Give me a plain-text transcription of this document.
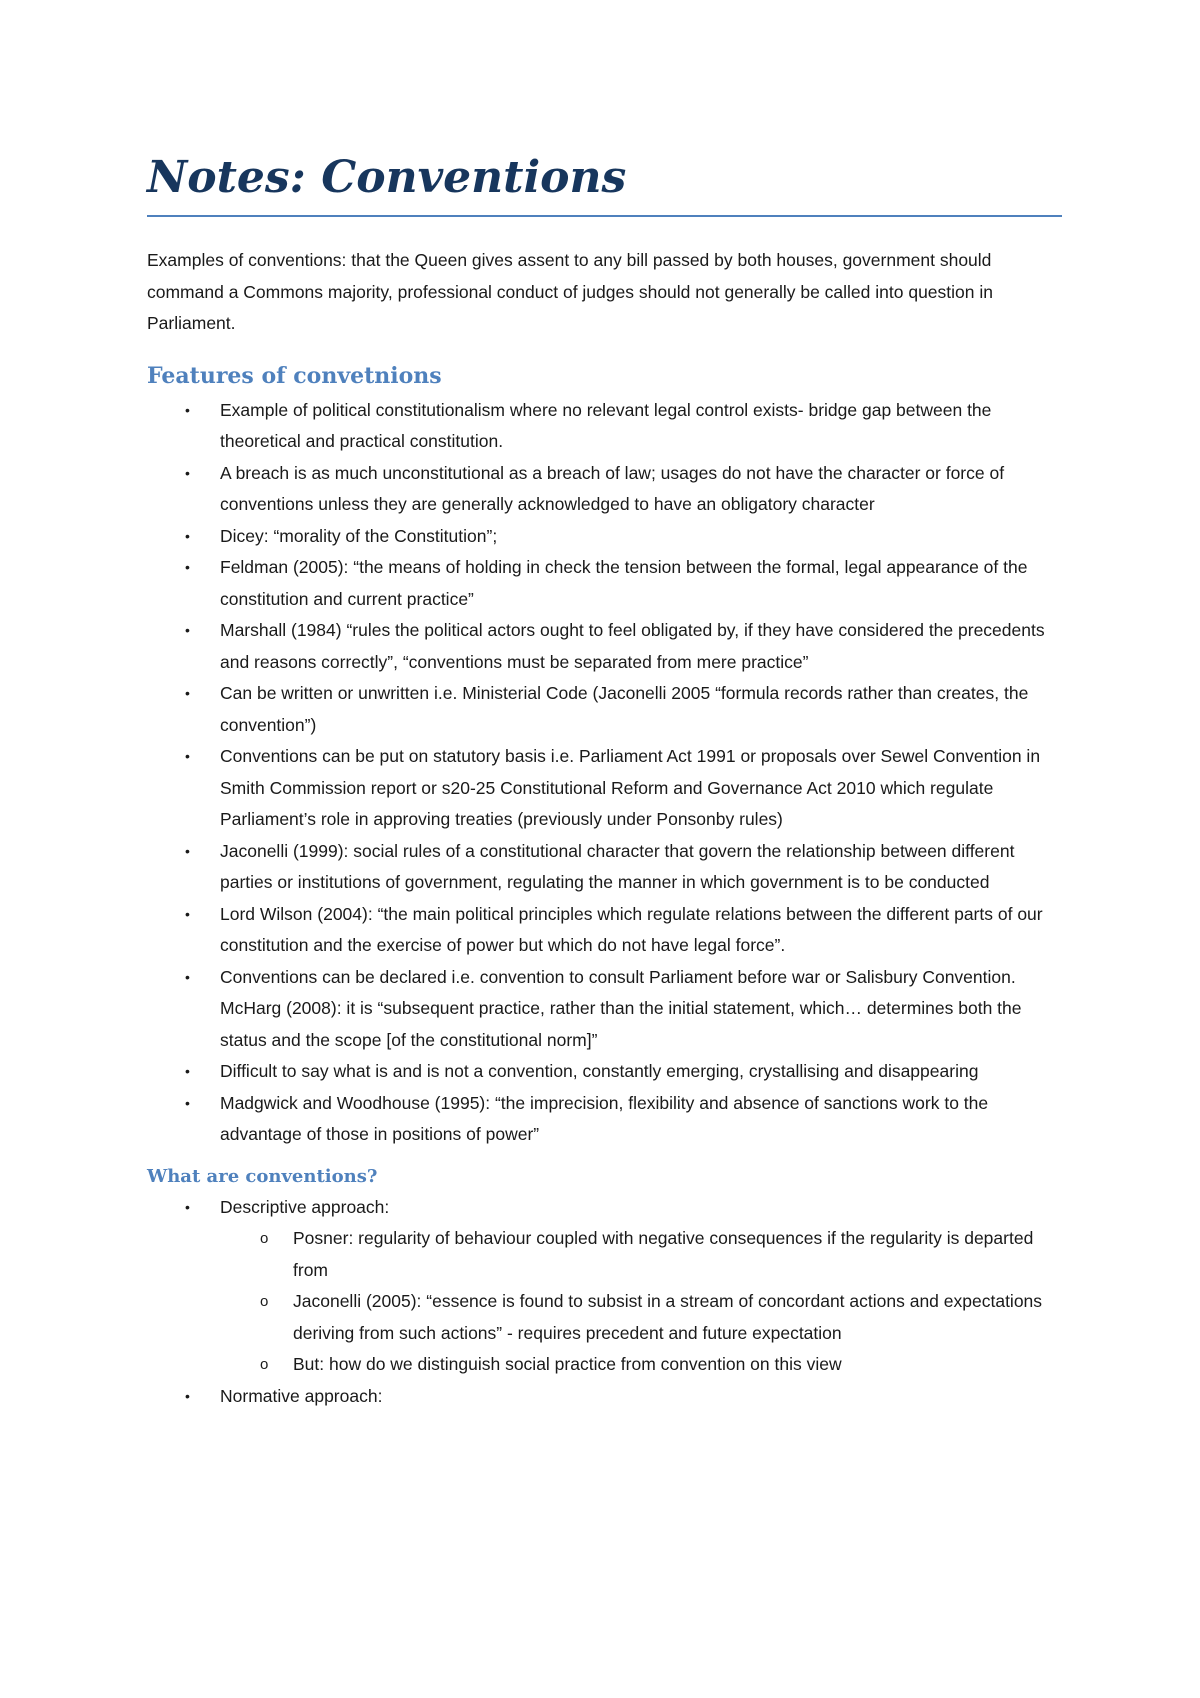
Notes: Conventions

Examples of conventions: that the Queen gives assent to any bill passed by both houses, government should command a Commons majority, professional conduct of judges should not generally be called into question in Parliament.

Features of convetnions
• Example of political constitutionalism where no relevant legal control exists- bridge gap between the theoretical and practical constitution.
• A breach is as much unconstitutional as a breach of law; usages do not have the character or force of conventions unless they are generally acknowledged to have an obligatory character
• Dicey: “morality of the Constitution”;
• Feldman (2005): “the means of holding in check the tension between the formal, legal appearance of the constitution and current practice”
• Marshall (1984) “rules the political actors ought to feel obligated by, if they have considered the precedents and reasons correctly”, “conventions must be separated from mere practice”
• Can be written or unwritten i.e. Ministerial Code (Jaconelli 2005 “formula records rather than creates, the convention”)
• Conventions can be put on statutory basis i.e. Parliament Act 1991 or proposals over Sewel Convention in Smith Commission report or s20-25 Constitutional Reform and Governance Act 2010 which regulate Parliament’s role in approving treaties (previously under Ponsonby rules)
• Jaconelli (1999): social rules of a constitutional character that govern the relationship between different parties or institutions of government, regulating the manner in which government is to be conducted
• Lord Wilson (2004): “the main political principles which regulate relations between the different parts of our constitution and the exercise of power but which do not have legal force”.
• Conventions can be declared i.e. convention to consult Parliament before war or Salisbury Convention. McHarg (2008): it is “subsequent practice, rather than the initial statement, which… determines both the status and the scope [of the constitutional norm]”
• Difficult to say what is and is not a convention, constantly emerging, crystallising and disappearing
• Madgwick and Woodhouse (1995): “the imprecision, flexibility and absence of sanctions work to the advantage of those in positions of power”
What are conventions?
• Descriptive approach:
o Posner: regularity of behaviour coupled with negative consequences if the regularity is departed from
o Jaconelli (2005): “essence is found to subsist in a stream of concordant actions and expectations deriving from such actions” - requires precedent and future expectation
o But: how do we distinguish social practice from convention on this view
• Normative approach:
